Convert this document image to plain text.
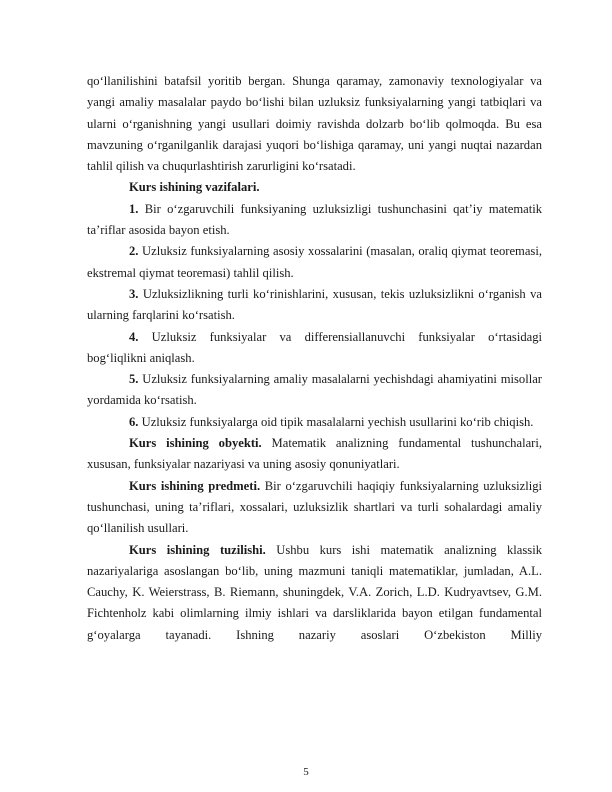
qo‘llanilishini batafsil yoritib bergan. Shunga qaramay, zamonaviy texnologiyalar va yangi amaliy masalalar paydo bo‘lishi bilan uzluksiz funksiyalarning yangi tatbiqlari va ularni o‘rganishning yangi usullari doimiy ravishda dolzarb bo‘lib qolmoqda. Bu esa mavzuning o‘rganilganlik darajasi yuqori bo‘lishiga qaramay, uni yangi nuqtai nazardan tahlil qilish va chuqurlashtirish zarurligini ko‘rsatadi.

Kurs ishining vazifalari.

1. Bir o‘zgaruvchili funksiyaning uzluksizligi tushunchasini qat’iy matematik ta’riflar asosida bayon etish.

2. Uzluksiz funksiyalarning asosiy xossalarini (masalan, oraliq qiymat teoremasi, ekstremal qiymat teoremasi) tahlil qilish.

3. Uzluksizlikning turli ko‘rinishlarini, xususan, tekis uzluksizlikni o‘rganish va ularning farqlarini ko‘rsatish.

4. Uzluksiz funksiyalar va differensiallanuvchi funksiyalar o‘rtasidagi bog‘liqlikni aniqlash.

5. Uzluksiz funksiyalarning amaliy masalalarni yechishdagi ahamiyatini misollar yordamida ko‘rsatish.

6. Uzluksiz funksiyalarga oid tipik masalalarni yechish usullarini ko‘rib chiqish.

Kurs ishining obyekti. Matematik analizning fundamental tushunchalari, xususan, funksiyalar nazariyasi va uning asosiy qonuniyatlari.

Kurs ishining predmeti. Bir o‘zgaruvchili haqiqiy funksiyalarning uzluksizligi tushunchasi, uning ta’riflari, xossalari, uzluksizlik shartlari va turli sohalardagi amaliy qo‘llanilish usullari.

Kurs ishining tuzilishi. Ushbu kurs ishi matematik analizning klassik nazariyalariga asoslangan bo‘lib, uning mazmuni taniqli matematiklar, jumladan, A.L. Cauchy, K. Weierstrass, B. Riemann, shuningdek, V.A. Zorich, L.D. Kudryavtsev, G.M. Fichtenholz kabi olimlarning ilmiy ishlari va darsliklarida bayon etilgan fundamental g‘oyalarga tayanadi. Ishning nazariy asoslari O‘zbekiston Milliy

5
